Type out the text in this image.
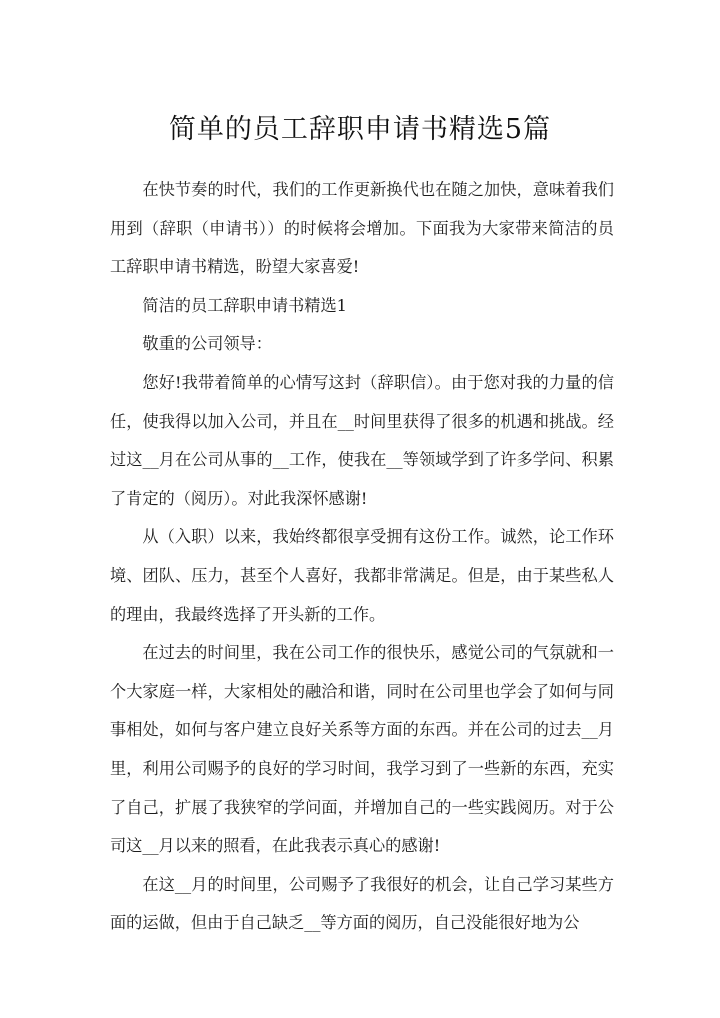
简单的员工辞职申请书精选5篇

在快节奏的时代，我们的工作更新换代也在随之加快，意味着我们用到（辞职（申请书））的时候将会增加。下面我为大家带来简洁的员工辞职申请书精选，盼望大家喜爱!

简洁的员工辞职申请书精选1

敬重的公司领导：

您好!我带着简单的心情写这封（辞职信）。由于您对我的力量的信任，使我得以加入公司，并且在__时间里获得了很多的机遇和挑战。经过这__月在公司从事的__工作，使我在__等领域学到了许多学问、积累了肯定的（阅历）。对此我深怀感谢!

从（入职）以来，我始终都很享受拥有这份工作。诚然，论工作环境、团队、压力，甚至个人喜好，我都非常满足。但是，由于某些私人的理由，我最终选择了开头新的工作。

在过去的时间里，我在公司工作的很快乐，感觉公司的气氛就和一个大家庭一样，大家相处的融洽和谐，同时在公司里也学会了如何与同事相处，如何与客户建立良好关系等方面的东西。并在公司的过去__月里，利用公司赐予的良好的学习时间，我学习到了一些新的东西，充实了自己，扩展了我狭窄的学问面，并增加自己的一些实践阅历。对于公司这__月以来的照看，在此我表示真心的感谢!

在这__月的时间里，公司赐予了我很好的机会，让自己学习某些方面的运做，但由于自己缺乏__等方面的阅历，自己没能很好地为公
